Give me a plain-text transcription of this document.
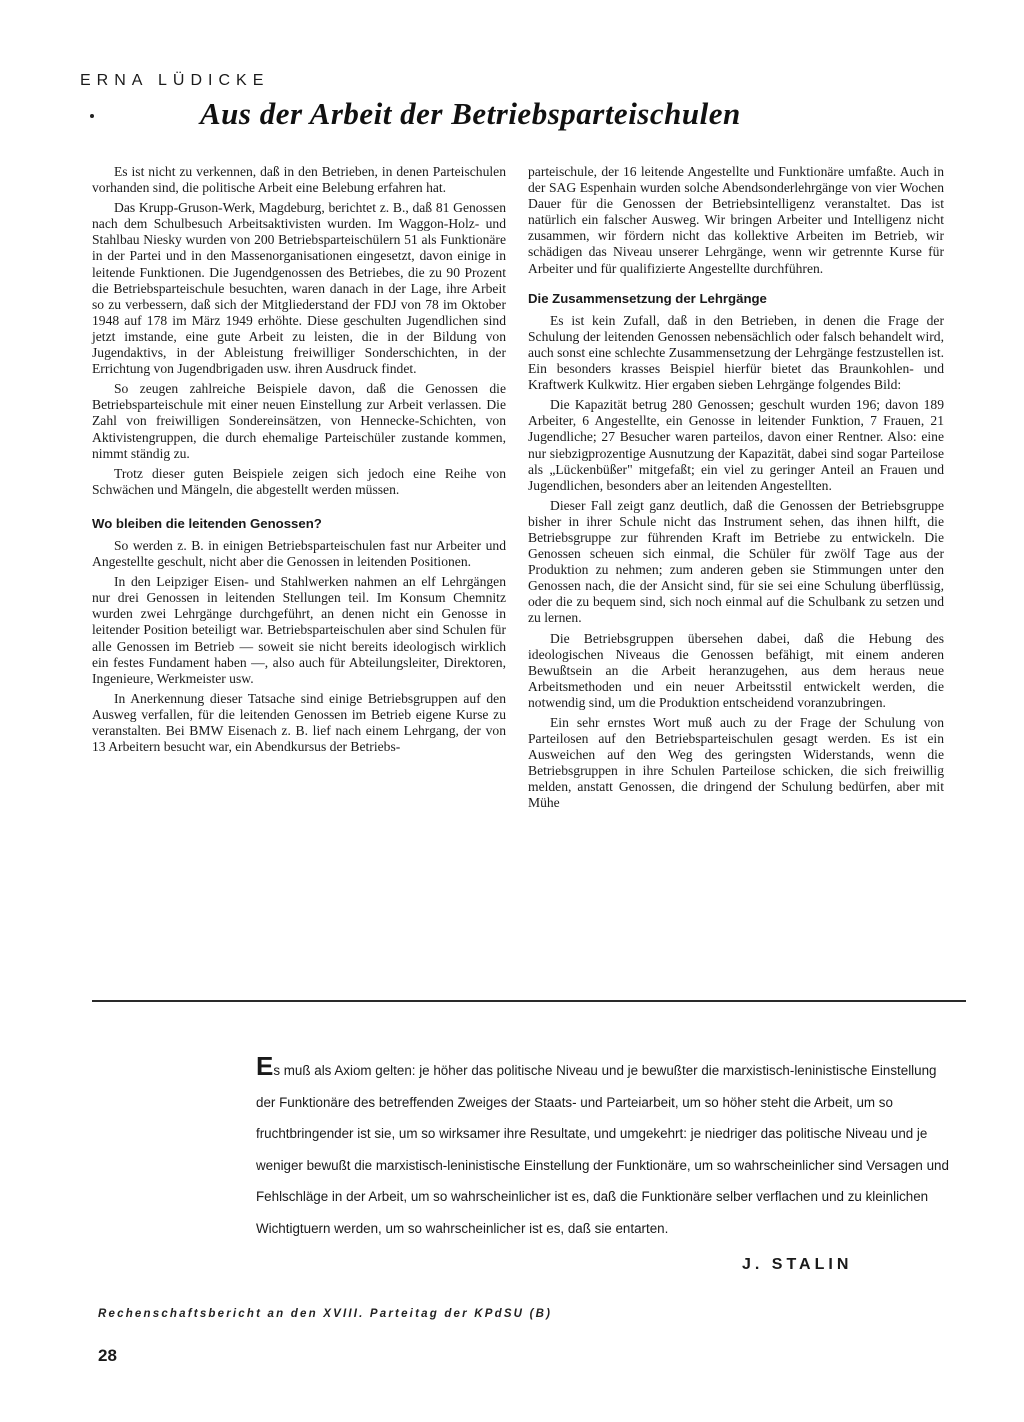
ERNA LÜDICKE
Aus der Arbeit der Betriebsparteischulen

Es ist nicht zu verkennen, daß in den Betrieben, in denen Parteischulen vorhanden sind, die politische Arbeit eine Belebung erfahren hat.

Das Krupp-Gruson-Werk, Magdeburg, berichtet z. B., daß 81 Genossen nach dem Schulbesuch Arbeitsaktivisten wurden. Im Waggon-Holz- und Stahlbau Niesky wurden von 200 Betriebsparteischülern 51 als Funktionäre in der Partei und in den Massenorganisationen eingesetzt, davon einige in leitende Funktionen. Die Jugendgenossen des Betriebes, die zu 90 Prozent die Betriebsparteischule besuchten, waren danach in der Lage, ihre Arbeit so zu verbessern, daß sich der Mitgliederstand der FDJ von 78 im Oktober 1948 auf 178 im März 1949 erhöhte. Diese geschulten Jugendlichen sind jetzt imstande, eine gute Arbeit zu leisten, die in der Bildung von Jugendaktivs, in der Ableistung freiwilliger Sonderschichten, in der Errichtung von Jugendbrigaden usw. ihren Ausdruck findet.

So zeugen zahlreiche Beispiele davon, daß die Genossen die Betriebsparteischule mit einer neuen Einstellung zur Arbeit verlassen. Die Zahl von freiwilligen Sondereinsätzen, von Hennecke-Schichten, von Aktivistengruppen, die durch ehemalige Parteischüler zustande kommen, nimmt ständig zu.

Trotz dieser guten Beispiele zeigen sich jedoch eine Reihe von Schwächen und Mängeln, die abgestellt werden müssen.

Wo bleiben die leitenden Genossen?

So werden z. B. in einigen Betriebsparteischulen fast nur Arbeiter und Angestellte geschult, nicht aber die Genossen in leitenden Positionen.

In den Leipziger Eisen- und Stahlwerken nahmen an elf Lehrgängen nur drei Genossen in leitenden Stellungen teil. Im Konsum Chemnitz wurden zwei Lehrgänge durchgeführt, an denen nicht ein Genosse in leitender Position beteiligt war. Betriebsparteischulen aber sind Schulen für alle Genossen im Betrieb — soweit sie nicht bereits ideologisch wirklich ein festes Fundament haben —, also auch für Abteilungsleiter, Direktoren, Ingenieure, Werkmeister usw.

In Anerkennung dieser Tatsache sind einige Betriebsgruppen auf den Ausweg verfallen, für die leitenden Genossen im Betrieb eigene Kurse zu veranstalten. Bei BMW Eisenach z. B. lief nach einem Lehrgang, der von 13 Arbeitern besucht war, ein Abendkursus der Betriebs-

parteischule, der 16 leitende Angestellte und Funktionäre umfaßte. Auch in der SAG Espenhain wurden solche Abendsonderlehrgänge von vier Wochen Dauer für die Genossen der Betriebsintelligenz veranstaltet. Das ist natürlich ein falscher Ausweg. Wir bringen Arbeiter und Intelligenz nicht zusammen, wir fördern nicht das kollektive Arbeiten im Betrieb, wir schädigen das Niveau unserer Lehrgänge, wenn wir getrennte Kurse für Arbeiter und für qualifizierte Angestellte durchführen.

Die Zusammensetzung der Lehrgänge

Es ist kein Zufall, daß in den Betrieben, in denen die Frage der Schulung der leitenden Genossen nebensächlich oder falsch behandelt wird, auch sonst eine schlechte Zusammensetzung der Lehrgänge festzustellen ist. Ein besonders krasses Beispiel hierfür bietet das Braunkohlen- und Kraftwerk Kulkwitz. Hier ergaben sieben Lehrgänge folgendes Bild:

Die Kapazität betrug 280 Genossen; geschult wurden 196; davon 189 Arbeiter, 6 Angestellte, ein Genosse in leitender Funktion, 7 Frauen, 21 Jugendliche; 27 Besucher waren parteilos, davon einer Rentner. Also: eine nur siebzigprozentige Ausnutzung der Kapazität, dabei sind sogar Parteilose als „Lückenbüßer" mitgefaßt; ein viel zu geringer Anteil an Frauen und Jugendlichen, besonders aber an leitenden Angestellten.

Dieser Fall zeigt ganz deutlich, daß die Genossen der Betriebsgruppe bisher in ihrer Schule nicht das Instrument sehen, das ihnen hilft, die Betriebsgruppe zur führenden Kraft im Betriebe zu entwickeln. Die Genossen scheuen sich einmal, die Schüler für zwölf Tage aus der Produktion zu nehmen; zum anderen geben sie Stimmungen unter den Genossen nach, die der Ansicht sind, für sie sei eine Schulung überflüssig, oder die zu bequem sind, sich noch einmal auf die Schulbank zu setzen und zu lernen.

Die Betriebsgruppen übersehen dabei, daß die Hebung des ideologischen Niveaus die Genossen befähigt, mit einem anderen Bewußtsein an die Arbeit heranzugehen, aus dem heraus neue Arbeitsmethoden und ein neuer Arbeitsstil entwickelt werden, die notwendig sind, um die Produktion entscheidend voranzubringen.

Ein sehr ernstes Wort muß auch zu der Frage der Schulung von Parteilosen auf den Betriebsparteischulen gesagt werden. Es ist ein Ausweichen auf den Weg des geringsten Widerstands, wenn die Betriebsgruppen in ihre Schulen Parteilose schicken, die sich freiwillig melden, anstatt Genossen, die dringend der Schulung bedürfen, aber mit Mühe

Es muß als Axiom gelten: je höher das politische Niveau und je bewußter die marxistisch-leninistische Einstellung der Funktionäre des betreffenden Zweiges der Staats- und Parteiarbeit, um so höher steht die Arbeit, um so fruchtbringender ist sie, um so wirksamer ihre Resultate, und umgekehrt: je niedriger das politische Niveau und je weniger bewußt die marxistisch-leninistische Einstellung der Funktionäre, um so wahrscheinlicher sind Versagen und Fehlschläge in der Arbeit, um so wahrscheinlicher ist es, daß die Funktionäre selber verflachen und zu kleinlichen Wichtigtuern werden, um so wahrscheinlicher ist es, daß sie entarten.
J. STALIN
Rechenschaftsbericht an den XVIII. Parteitag der KPdSU (B)
28
